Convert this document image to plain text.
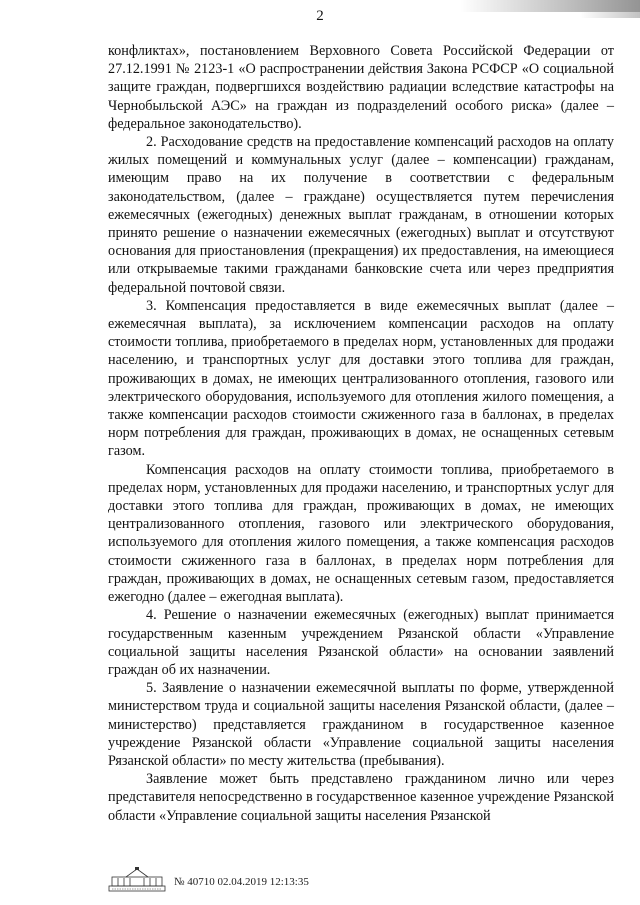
2

конфликтах», постановлением Верховного Совета Российской Федерации от 27.12.1991 № 2123-1 «О распространении действия Закона РСФСР «О социальной защите граждан, подвергшихся воздействию радиации вследствие катастрофы на Чернобыльской АЭС» на граждан из подразделений особого риска» (далее – федеральное законодательство).

2. Расходование средств на предоставление компенсаций расходов на оплату жилых помещений и коммунальных услуг (далее – компенсации) гражданам, имеющим право на их получение в соответствии с федеральным законодательством, (далее – граждане) осуществляется путем перечисления ежемесячных (ежегодных) денежных выплат гражданам, в отношении которых принято решение о назначении ежемесячных (ежегодных) выплат и отсутствуют основания для приостановления (прекращения) их предоставления, на имеющиеся или открываемые такими гражданами банковские счета или через предприятия федеральной почтовой связи.

3. Компенсация предоставляется в виде ежемесячных выплат (далее – ежемесячная выплата), за исключением компенсации расходов на оплату стоимости топлива, приобретаемого в пределах норм, установленных для продажи населению, и транспортных услуг для доставки этого топлива для граждан, проживающих в домах, не имеющих централизованного отопления, газового или электрического оборудования, используемого для отопления жилого помещения, а также компенсации расходов стоимости сжиженного газа в баллонах, в пределах норм потребления для граждан, проживающих в домах, не оснащенных сетевым газом.

Компенсация расходов на оплату стоимости топлива, приобретаемого в пределах норм, установленных для продажи населению, и транспортных услуг для доставки этого топлива для граждан, проживающих в домах, не имеющих централизованного отопления, газового или электрического оборудования, используемого для отопления жилого помещения, а также компенсация расходов стоимости сжиженного газа в баллонах, в пределах норм потребления для граждан, проживающих в домах, не оснащенных сетевым газом, предоставляется ежегодно (далее – ежегодная выплата).

4. Решение о назначении ежемесячных (ежегодных) выплат принимается государственным казенным учреждением Рязанской области «Управление социальной защиты населения Рязанской области» на основании заявлений граждан об их назначении.

5. Заявление о назначении ежемесячной выплаты по форме, утвержденной министерством труда и социальной защиты населения Рязанской области, (далее – министерство) представляется гражданином в государственное казенное учреждение Рязанской области «Управление социальной защиты населения Рязанской области» по месту жительства (пребывания).

Заявление может быть представлено гражданином лично или через представителя непосредственно в государственное казенное учреждение Рязанской области «Управление социальной защиты населения Рязанской

№ 40710 02.04.2019 12:13:35
